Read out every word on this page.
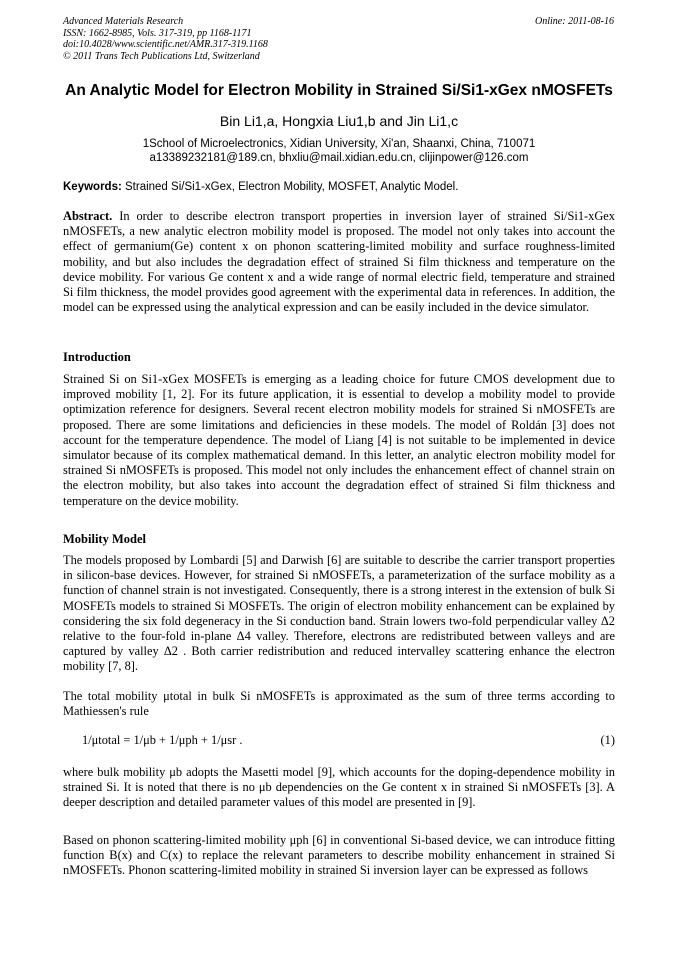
Advanced Materials Research
ISSN: 1662-8985, Vols. 317-319, pp 1168-1171
doi:10.4028/www.scientific.net/AMR.317-319.1168
© 2011 Trans Tech Publications Ltd, Switzerland
Online: 2011-08-16
An Analytic Model for Electron Mobility in Strained Si/Si1-xGex nMOSFETs
Bin Li1,a, Hongxia Liu1,b and Jin Li1,c
1School of Microelectronics, Xidian University, Xi'an, Shaanxi, China, 710071
a13389232181@189.cn, bhxliu@mail.xidian.edu.cn, clijinpower@126.com
Keywords: Strained Si/Si1-xGex, Electron Mobility, MOSFET, Analytic Model.
Abstract. In order to describe electron transport properties in inversion layer of strained Si/Si1-xGex nMOSFETs, a new analytic electron mobility model is proposed. The model not only takes into account the effect of germanium(Ge) content x on phonon scattering-limited mobility and surface roughness-limited mobility, and but also includes the degradation effect of strained Si film thickness and temperature on the device mobility. For various Ge content x and a wide range of normal electric field, temperature and strained Si film thickness, the model provides good agreement with the experimental data in references. In addition, the model can be expressed using the analytical expression and can be easily included in the device simulator.
Introduction
Strained Si on Si1-xGex MOSFETs is emerging as a leading choice for future CMOS development due to improved mobility [1, 2]. For its future application, it is essential to develop a mobility model to provide optimization reference for designers. Several recent electron mobility models for strained Si nMOSFETs are proposed. There are some limitations and deficiencies in these models. The model of Roldán [3] does not account for the temperature dependence. The model of Liang [4] is not suitable to be implemented in device simulator because of its complex mathematical demand. In this letter, an analytic electron mobility model for strained Si nMOSFETs is proposed. This model not only includes the enhancement effect of channel strain on the electron mobility, but also takes into account the degradation effect of strained Si film thickness and temperature on the device mobility.
Mobility Model
The models proposed by Lombardi [5] and Darwish [6] are suitable to describe the carrier transport properties in silicon-base devices. However, for strained Si nMOSFETs, a parameterization of the surface mobility as a function of channel strain is not investigated. Consequently, there is a strong interest in the extension of bulk Si MOSFETs models to strained Si MOSFETs. The origin of electron mobility enhancement can be explained by considering the six fold degeneracy in the Si conduction band. Strain lowers two-fold perpendicular valley Δ2 relative to the four-fold in-plane Δ4 valley. Therefore, electrons are redistributed between valleys and are captured by valley Δ2 . Both carrier redistribution and reduced intervalley scattering enhance the electron mobility [7, 8].
The total mobility μtotal in bulk Si nMOSFETs is approximated as the sum of three terms according to Mathiessen's rule
1/μtotal = 1/μb + 1/μph + 1/μsr .	(1)
where bulk mobility μb adopts the Masetti model [9], which accounts for the doping-dependence mobility in strained Si. It is noted that there is no μb dependencies on the Ge content x in strained Si nMOSFETs [3]. A deeper description and detailed parameter values of this model are presented in [9].
Based on phonon scattering-limited mobility μph [6] in conventional Si-based device, we can introduce fitting function B(x) and C(x) to replace the relevant parameters to describe mobility enhancement in strained Si nMOSFETs. Phonon scattering-limited mobility in strained Si inversion layer can be expressed as follows
